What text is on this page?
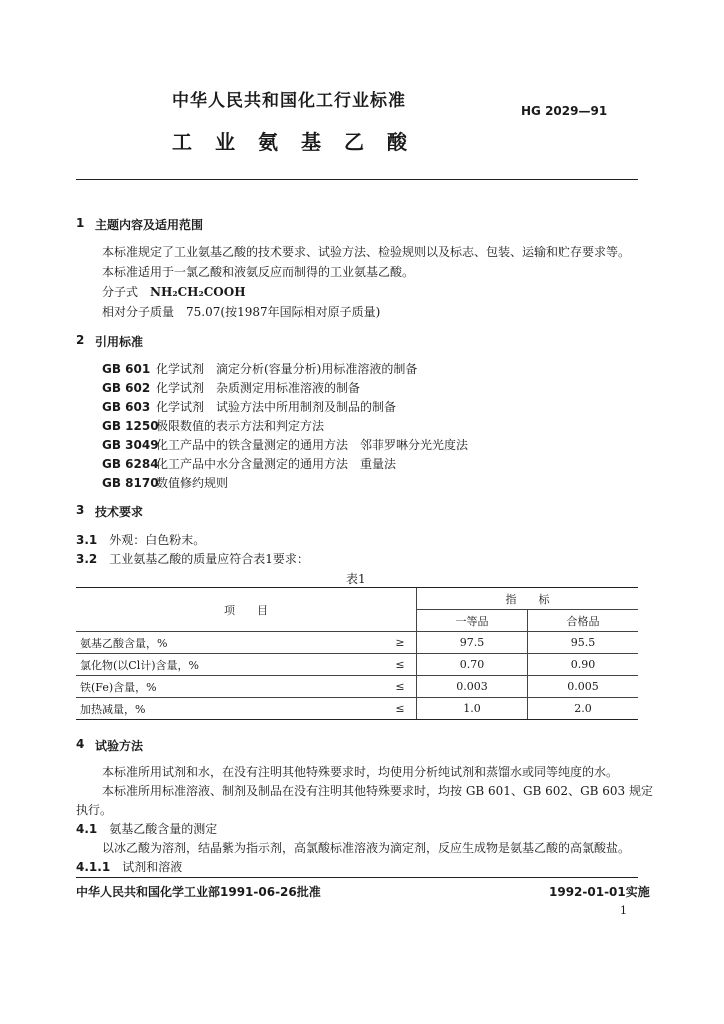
中华人民共和国化工行业标准	HG 2029—91
工业氨基乙酸
1 主题内容及适用范围
本标准规定了工业氨基乙酸的技术要求、试验方法、检验规则以及标志、包装、运输和贮存要求等。
本标准适用于一氯乙酸和液氨反应而制得的工业氨基乙酸。
分子式　 NH₂CH₂COOH
相对分子质量　 75.07(按1987年国际相对原子质量)
2 引用标准
GB 601 化学试剂　滴定分析(容量分析)用标准溶液的制备
GB 602 化学试剂　杂质测定用标准溶液的制备
GB 603 化学试剂　试验方法中所用制剂及制品的制备
GB 1250极限数值的表示方法和判定方法
GB 3049化工产品中的铁含量测定的通用方法　邻菲罗啉分光光度法
GB 6284化工产品中水分含量测定的通用方法　重量法
GB 8170数值修约规则
3 技术要求
3.1　 外观：白色粉末。
3.2　 工业氨基乙酸的质量应符合表1要求：
表1
项　　目		指　　标	
		一等品	合格品
氨基乙酸含量，%	≥	97.5	95.5
氯化物(以Cl计)含量，%	≤	0.70	0.90
铁(Fe)含量，%	≤	0.003	0.005
加热减量，%	≤	1.0	2.0
4 试验方法
本标准所用试剂和水，在没有注明其他特殊要求时，均使用分析纯试剂和蒸馏水或同等纯度的水。
本标准所用标准溶液、制剂及制品在没有注明其他特殊要求时，均按 GB 601、GB 602、GB 603 规定
执行。
4.1　 氨基乙酸含量的测定
以冰乙酸为溶剂，结晶紫为指示剂，高氯酸标准溶液为滴定剂，反应生成物是氨基乙酸的高氯酸盐。
4.1.1　 试剂和溶液
中华人民共和国化学工业部1991-06-26批准	1992-01-01实施
1
